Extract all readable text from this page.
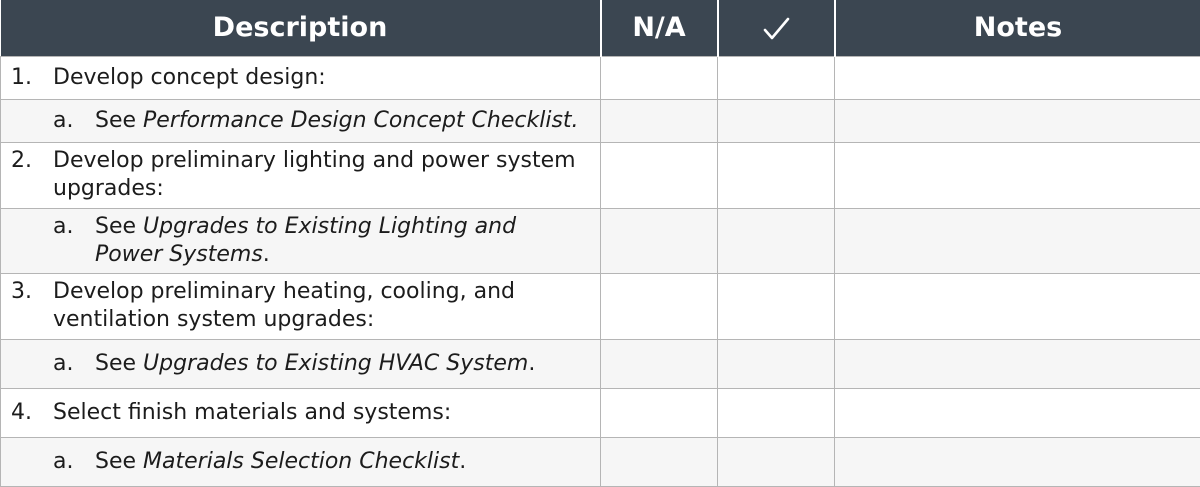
Description	N/A		Notes

1. Develop concept design:			

a. See Performance Design Concept Checklist.			

2. Develop preliminary lighting and power system upgrades:			

a. See Upgrades to Existing Lighting and Power Systems.			

3. Develop preliminary heating, cooling, and ventilation system upgrades:			

a. See Upgrades to Existing HVAC System.			

4. Select finish materials and systems:			

a. See Materials Selection Checklist.			
